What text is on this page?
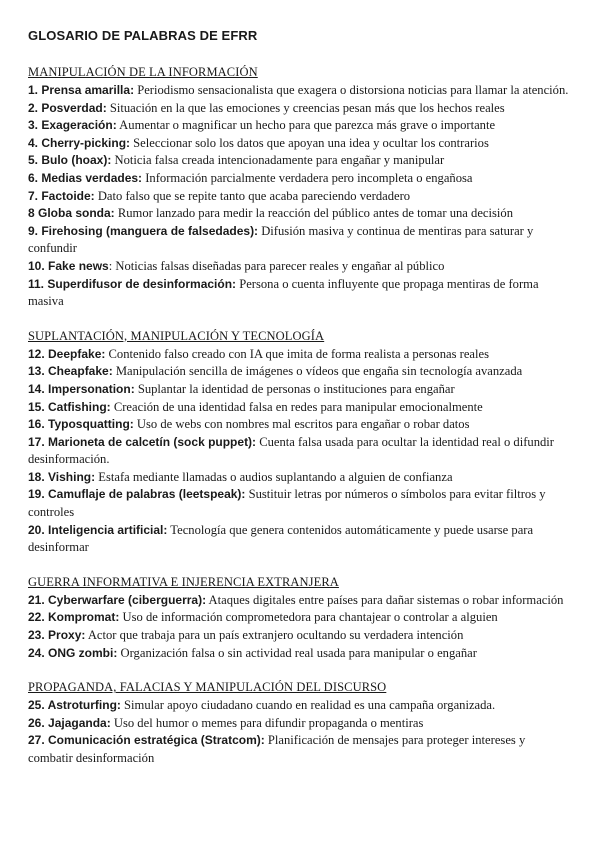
GLOSARIO DE PALABRAS DE EFRR
MANIPULACIÓN DE LA INFORMACIÓN

1. Prensa amarilla: Periodismo sensacionalista que exagera o distorsiona noticias para llamar la atención.

2. Posverdad: Situación en la que las emociones y creencias pesan más que los hechos reales

3. Exageración: Aumentar o magnificar un hecho para que parezca más grave o importante

4. Cherry-picking: Seleccionar solo los datos que apoyan una idea y ocultar los contrarios

5. Bulo (hoax): Noticia falsa creada intencionadamente para engañar y manipular

6. Medias verdades: Información parcialmente verdadera pero incompleta o engañosa

7. Factoide: Dato falso que se repite tanto que acaba pareciendo verdadero

8 Globa sonda: Rumor lanzado para medir la reacción del público antes de tomar una decisión

9. Firehosing (manguera de falsedades): Difusión masiva y continua de mentiras para saturar y confundir

10. Fake news: Noticias falsas diseñadas para parecer reales y engañar al público

11. Superdifusor de desinformación: Persona o cuenta influyente que propaga mentiras de forma masiva

SUPLANTACIÓN, MANIPULACIÓN Y TECNOLOGÍA

12. Deepfake: Contenido falso creado con IA que imita de forma realista a personas reales

13. Cheapfake: Manipulación sencilla de imágenes o vídeos que engaña sin tecnología avanzada

14. Impersonation: Suplantar la identidad de personas o instituciones para engañar

15. Catfishing: Creación de una identidad falsa en redes para manipular emocionalmente

16. Typosquatting: Uso de webs con nombres mal escritos para engañar o robar datos

17. Marioneta de calcetín (sock puppet): Cuenta falsa usada para ocultar la identidad real o difundir desinformación.

18. Vishing: Estafa mediante llamadas o audios suplantando a alguien de confianza

19. Camuflaje de palabras (leetspeak): Sustituir letras por números o símbolos para evitar filtros y controles

20. Inteligencia artificial: Tecnología que genera contenidos automáticamente y puede usarse para desinformar

GUERRA INFORMATIVA E INJERENCIA EXTRANJERA

21. Cyberwarfare (ciberguerra): Ataques digitales entre países para dañar sistemas o robar información

22. Kompromat: Uso de información comprometedora para chantajear o controlar a alguien

23. Proxy: Actor que trabaja para un país extranjero ocultando su verdadera intención

24. ONG zombi: Organización falsa o sin actividad real usada para manipular o engañar

PROPAGANDA, FALACIAS Y MANIPULACIÓN DEL DISCURSO

25. Astroturfing: Simular apoyo ciudadano cuando en realidad es una campaña organizada.

26. Jajaganda: Uso del humor o memes para difundir propaganda o mentiras

27. Comunicación estratégica (Stratcom): Planificación de mensajes para proteger intereses y combatir desinformación
